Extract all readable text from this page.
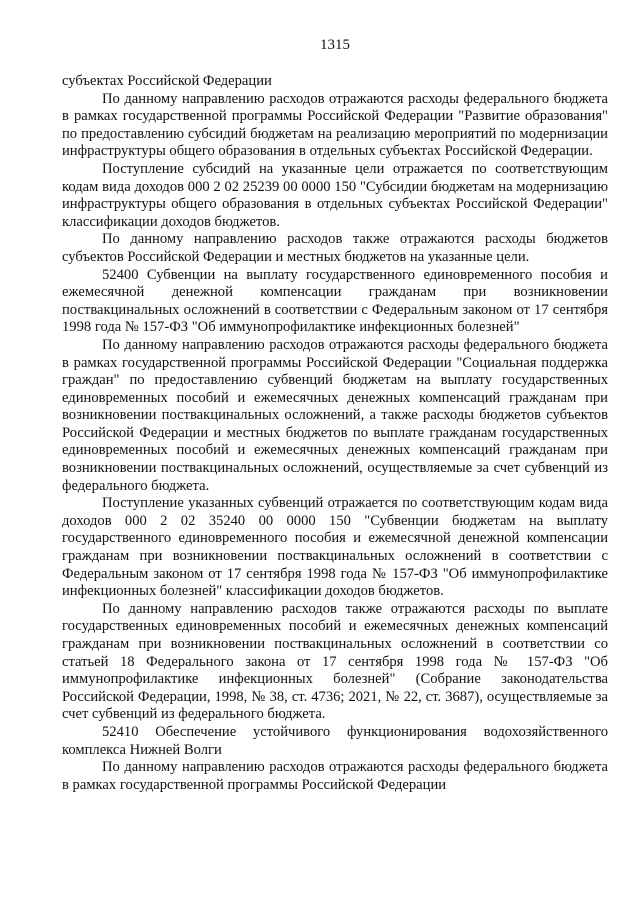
1315

субъектах Российской Федерации

По данному направлению расходов отражаются расходы федерального бюджета в рамках государственной программы Российской Федерации "Развитие образования" по предоставлению субсидий бюджетам на реализацию мероприятий по модернизации инфраструктуры общего образования в отдельных субъектах Российской Федерации.

Поступление субсидий на указанные цели отражается по соответствующим кодам вида доходов 000 2 02 25239 00 0000 150 "Субсидии бюджетам на модернизацию инфраструктуры общего образования в отдельных субъектах Российской Федерации" классификации доходов бюджетов.

По данному направлению расходов также отражаются расходы бюджетов субъектов Российской Федерации и местных бюджетов на указанные цели.

52400 Субвенции на выплату государственного единовременного пособия и ежемесячной денежной компенсации гражданам при возникновении поствакцинальных осложнений в соответствии с Федеральным законом от 17 сентября 1998 года № 157-ФЗ "Об иммунопрофилактике инфекционных болезней"

По данному направлению расходов отражаются расходы федерального бюджета в рамках государственной программы Российской Федерации "Социальная поддержка граждан" по предоставлению субвенций бюджетам на выплату государственных единовременных пособий и ежемесячных денежных компенсаций гражданам при возникновении поствакцинальных осложнений, а также расходы бюджетов субъектов Российской Федерации и местных бюджетов по выплате гражданам государственных единовременных пособий и ежемесячных денежных компенсаций гражданам при возникновении поствакцинальных осложнений, осуществляемые за счет субвенций из федерального бюджета.

Поступление указанных субвенций отражается по соответствующим кодам вида доходов 000 2 02 35240 00 0000 150 "Субвенции бюджетам на выплату государственного единовременного пособия и ежемесячной денежной компенсации гражданам при возникновении поствакцинальных осложнений в соответствии с Федеральным законом от 17 сентября 1998 года № 157-ФЗ "Об иммунопрофилактике инфекционных болезней" классификации доходов бюджетов.

По данному направлению расходов также отражаются расходы по выплате государственных единовременных пособий и ежемесячных денежных компенсаций гражданам при возникновении поствакцинальных осложнений в соответствии со статьей 18 Федерального закона от 17 сентября 1998 года № 157-ФЗ "Об иммунопрофилактике инфекционных болезней" (Собрание законодательства Российской Федерации, 1998, № 38, ст. 4736; 2021, № 22, ст. 3687), осуществляемые за счет субвенций из федерального бюджета.

52410 Обеспечение устойчивого функционирования водохозяйственного комплекса Нижней Волги

По данному направлению расходов отражаются расходы федерального бюджета в рамках государственной программы Российской Федерации
